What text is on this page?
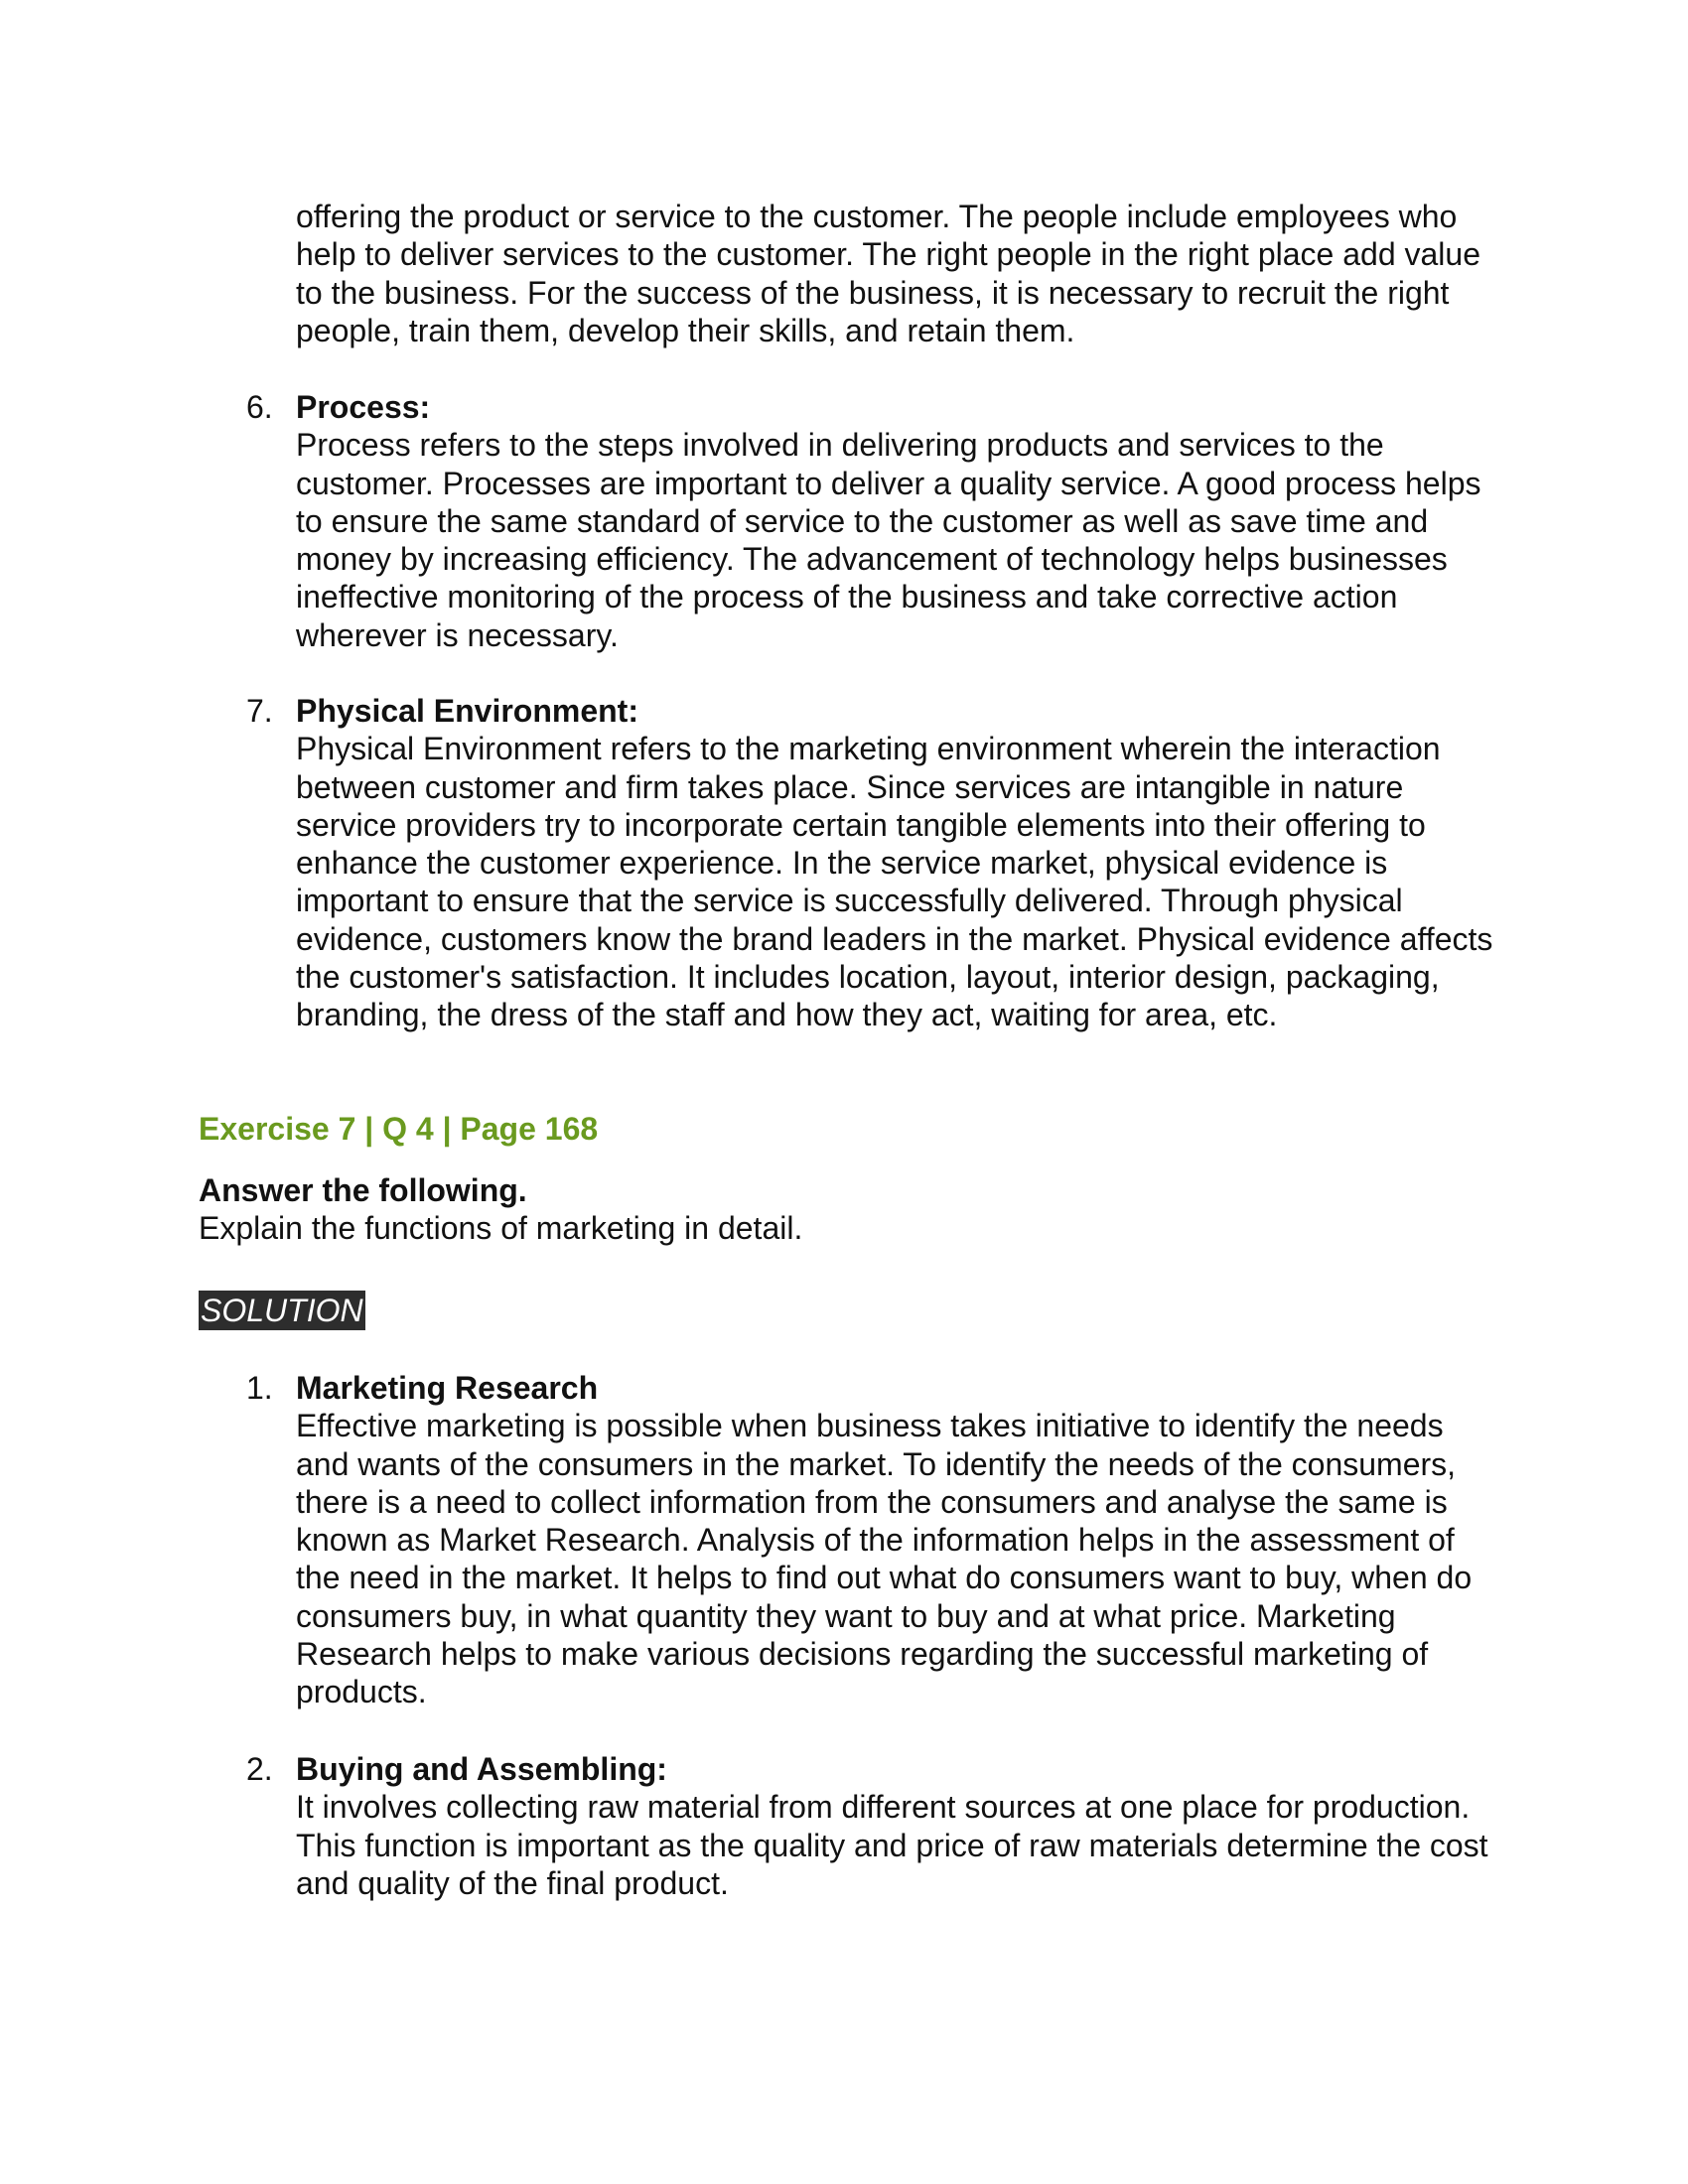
offering the product or service to the customer. The people include employees who help to deliver services to the customer. The right people in the right place add value to the business. For the success of the business, it is necessary to recruit the right people, train them, develop their skills, and retain them.

6. Process:

Process refers to the steps involved in delivering products and services to the customer. Processes are important to deliver a quality service. A good process helps to ensure the same standard of service to the customer as well as save time and money by increasing efficiency. The advancement of technology helps businesses ineffective monitoring of the process of the business and take corrective action wherever is necessary.

7. Physical Environment:

Physical Environment refers to the marketing environment wherein the interaction between customer and firm takes place. Since services are intangible in nature service providers try to incorporate certain tangible elements into their offering to enhance the customer experience. In the service market, physical evidence is important to ensure that the service is successfully delivered. Through physical evidence, customers know the brand leaders in the market. Physical evidence affects the customer's satisfaction. It includes location, layout, interior design, packaging, branding, the dress of the staff and how they act, waiting for area, etc.

Exercise 7 | Q 4 | Page 168
Answer the following.
Explain the functions of marketing in detail.
SOLUTION
1. Marketing Research

Effective marketing is possible when business takes initiative to identify the needs and wants of the consumers in the market. To identify the needs of the consumers, there is a need to collect information from the consumers and analyse the same is known as Market Research. Analysis of the information helps in the assessment of the need in the market. It helps to find out what do consumers want to buy, when do consumers buy, in what quantity they want to buy and at what price. Marketing Research helps to make various decisions regarding the successful marketing of products.

2. Buying and Assembling:

It involves collecting raw material from different sources at one place for production. This function is important as the quality and price of raw materials determine the cost and quality of the final product.
